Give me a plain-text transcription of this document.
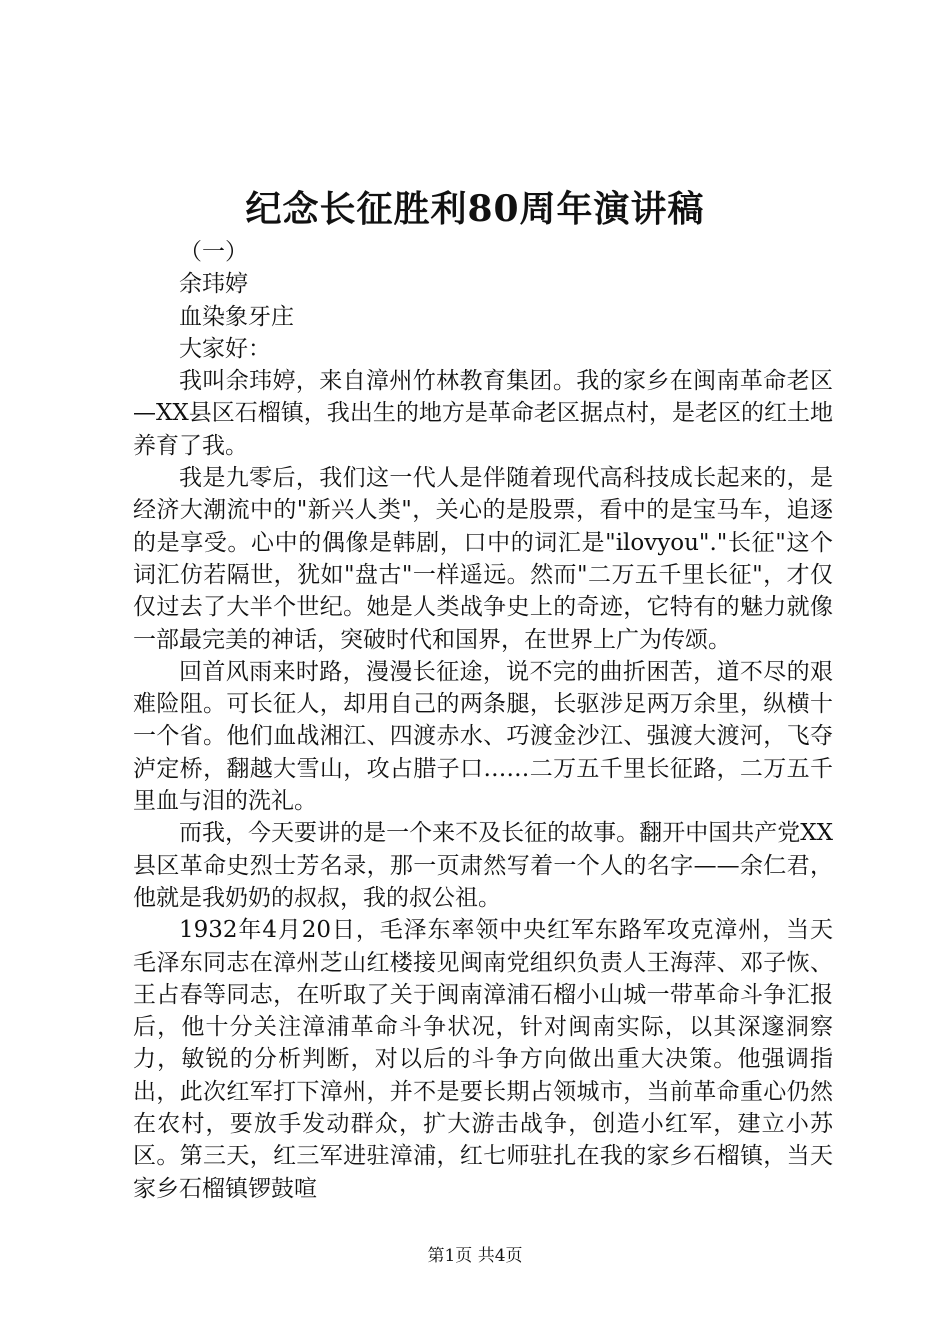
纪念长征胜利80周年演讲稿

（一）

余玮婷

血染象牙庄

大家好：

我叫余玮婷，来自漳州竹林教育集团。我的家乡在闽南革命老区—XX县区石榴镇，我出生的地方是革命老区据点村，是老区的红土地养育了我。

我是九零后，我们这一代人是伴随着现代高科技成长起来的，是经济大潮流中的"新兴人类"，关心的是股票，看中的是宝马车，追逐的是享受。心中的偶像是韩剧，口中的词汇是"ilovyou"."长征"这个词汇仿若隔世，犹如"盘古"一样遥远。然而"二万五千里长征"，才仅仅过去了大半个世纪。她是人类战争史上的奇迹，它特有的魅力就像一部最完美的神话，突破时代和国界，在世界上广为传颂。

回首风雨来时路，漫漫长征途，说不完的曲折困苦，道不尽的艰难险阻。可长征人，却用自己的两条腿，长驱涉足两万余里，纵横十一个省。他们血战湘江、四渡赤水、巧渡金沙江、强渡大渡河，飞夺泸定桥，翻越大雪山，攻占腊子口……二万五千里长征路，二万五千里血与泪的洗礼。

而我，今天要讲的是一个来不及长征的故事。翻开中国共产党XX县区革命史烈士芳名录，那一页肃然写着一个人的名字——余仁君，他就是我奶奶的叔叔，我的叔公祖。

1932年4月20日，毛泽东率领中央红军东路军攻克漳州，当天毛泽东同志在漳州芝山红楼接见闽南党组织负责人王海萍、邓子恢、王占春等同志，在听取了关于闽南漳浦石榴小山城一带革命斗争汇报后，他十分关注漳浦革命斗争状况，针对闽南实际，以其深邃洞察力，敏锐的分析判断，对以后的斗争方向做出重大决策。他强调指出，此次红军打下漳州，并不是要长期占领城市，当前革命重心仍然在农村，要放手发动群众，扩大游击战争，创造小红军，建立小苏区。第三天，红三军进驻漳浦，红七师驻扎在我的家乡石榴镇，当天家乡石榴镇锣鼓喧

第1页 共4页
